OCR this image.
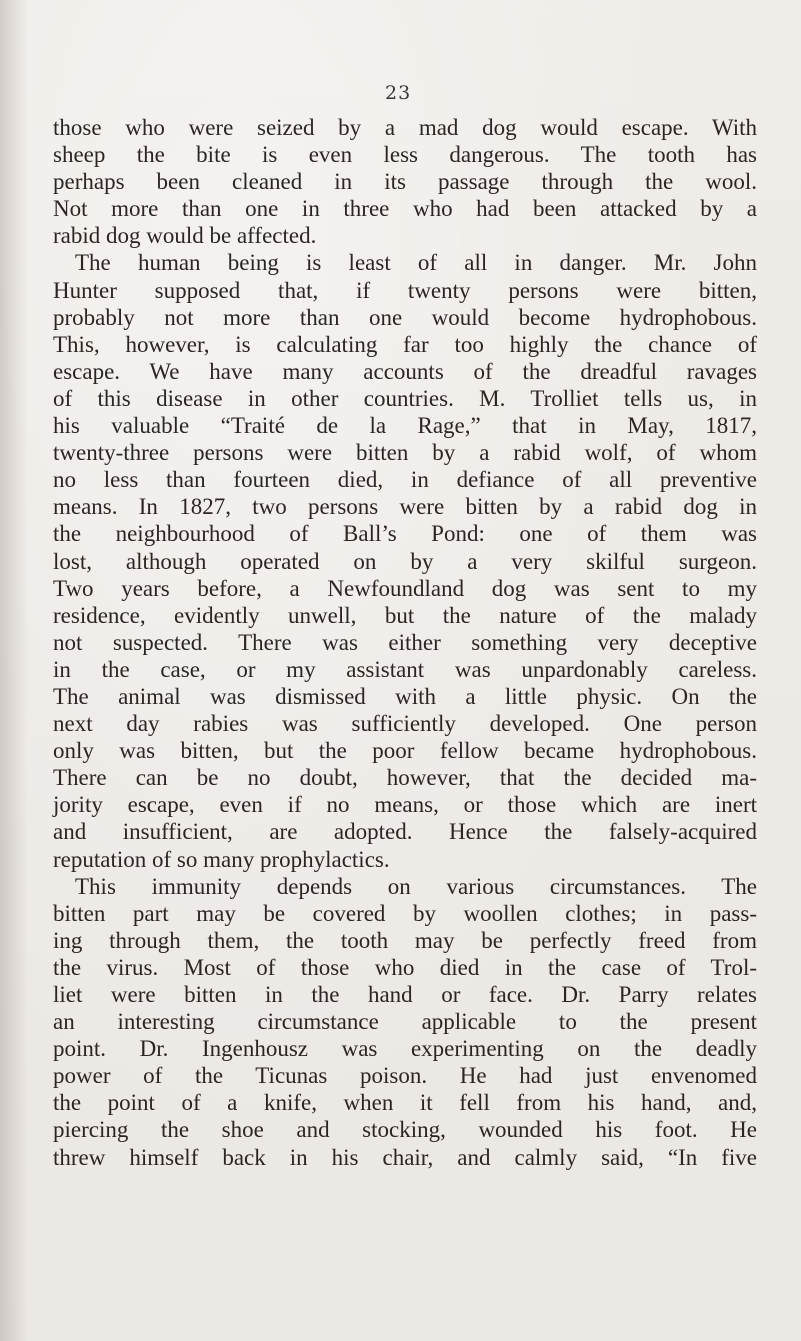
23
those who were seized by a mad dog would escape. With
sheep the bite is even less dangerous. The tooth has
perhaps been cleaned in its passage through the wool.
Not more than one in three who had been attacked by a
rabid dog would be affected.
The human being is least of all in danger. Mr. John
Hunter supposed that, if twenty persons were bitten,
probably not more than one would become hydrophobous.
This, however, is calculating far too highly the chance of
escape. We have many accounts of the dreadful ravages
of this disease in other countries. M. Trolliet tells us, in
his valuable “Traité de la Rage,” that in May, 1817,
twenty-three persons were bitten by a rabid wolf, of whom
no less than fourteen died, in defiance of all preventive
means. In 1827, two persons were bitten by a rabid dog in
the neighbourhood of Ball’s Pond: one of them was
lost, although operated on by a very skilful surgeon.
Two years before, a Newfoundland dog was sent to my
residence, evidently unwell, but the nature of the malady
not suspected. There was either something very deceptive
in the case, or my assistant was unpardonably careless.
The animal was dismissed with a little physic. On the
next day rabies was sufficiently developed. One person
only was bitten, but the poor fellow became hydrophobous.
There can be no doubt, however, that the decided ma-
jority escape, even if no means, or those which are inert
and insufficient, are adopted. Hence the falsely-acquired
reputation of so many prophylactics.
This immunity depends on various circumstances. The
bitten part may be covered by woollen clothes; in pass-
ing through them, the tooth may be perfectly freed from
the virus. Most of those who died in the case of Trol-
liet were bitten in the hand or face. Dr. Parry relates
an interesting circumstance applicable to the present
point. Dr. Ingenhousz was experimenting on the deadly
power of the Ticunas poison. He had just envenomed
the point of a knife, when it fell from his hand, and,
piercing the shoe and stocking, wounded his foot. He
threw himself back in his chair, and calmly said, “In five
